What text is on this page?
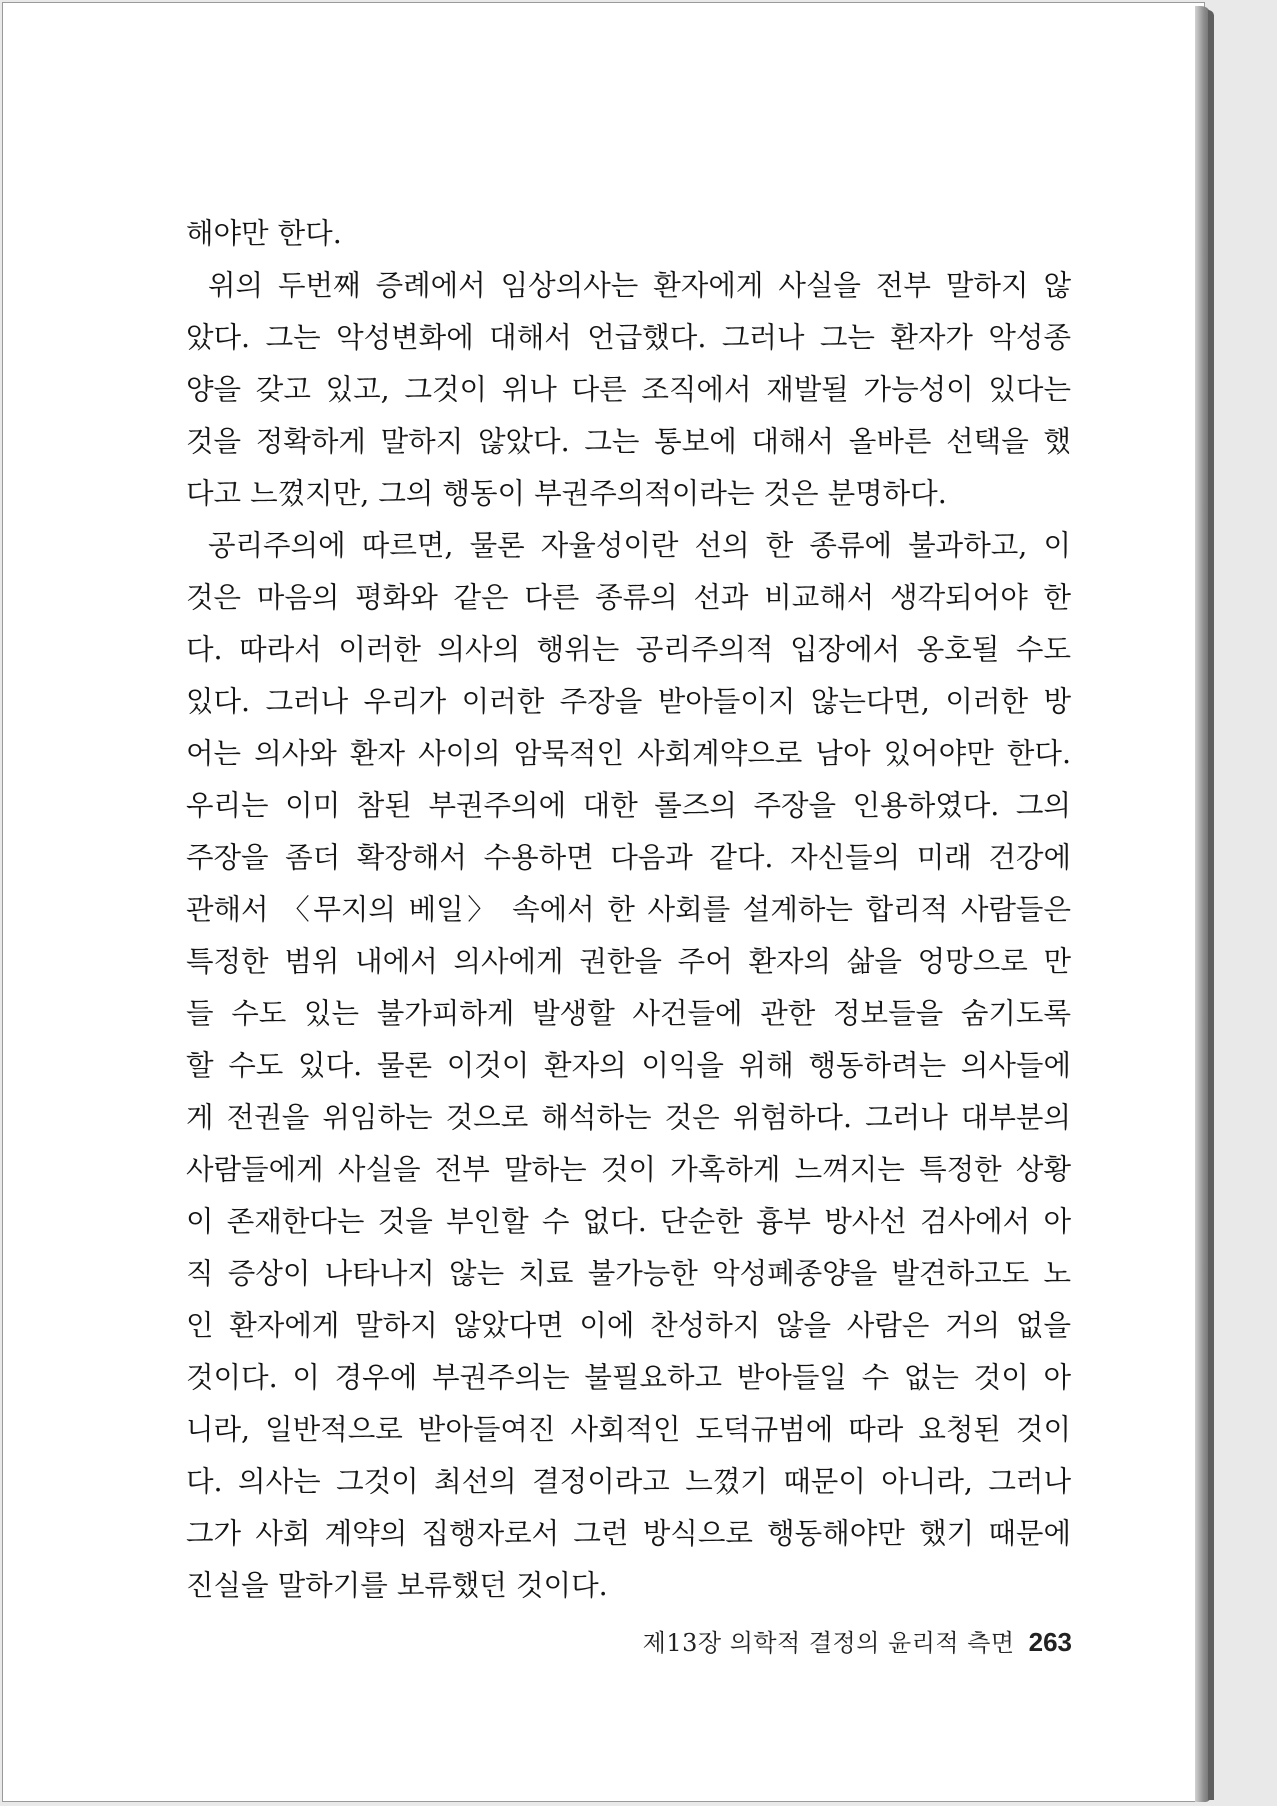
해야만 한다.
위의 두번째 증례에서 임상의사는 환자에게 사실을 전부 말하지 않
았다. 그는 악성변화에 대해서 언급했다. 그러나 그는 환자가 악성종
양을 갖고 있고, 그것이 위나 다른 조직에서 재발될 가능성이 있다는
것을 정확하게 말하지 않았다. 그는 통보에 대해서 올바른 선택을 했
다고 느꼈지만, 그의 행동이 부권주의적이라는 것은 분명하다.
공리주의에 따르면, 물론 자율성이란 선의 한 종류에 불과하고, 이
것은 마음의 평화와 같은 다른 종류의 선과 비교해서 생각되어야 한
다. 따라서 이러한 의사의 행위는 공리주의적 입장에서 옹호될 수도
있다. 그러나 우리가 이러한 주장을 받아들이지 않는다면, 이러한 방
어는 의사와 환자 사이의 암묵적인 사회계약으로 남아 있어야만 한다.
우리는 이미 참된 부권주의에 대한 롤즈의 주장을 인용하였다. 그의
주장을 좀더 확장해서 수용하면 다음과 같다. 자신들의 미래 건강에
관해서 〈무지의 베일〉 속에서 한 사회를 설계하는 합리적 사람들은
특정한 범위 내에서 의사에게 권한을 주어 환자의 삶을 엉망으로 만
들 수도 있는 불가피하게 발생할 사건들에 관한 정보들을 숨기도록
할 수도 있다. 물론 이것이 환자의 이익을 위해 행동하려는 의사들에
게 전권을 위임하는 것으로 해석하는 것은 위험하다. 그러나 대부분의
사람들에게 사실을 전부 말하는 것이 가혹하게 느껴지는 특정한 상황
이 존재한다는 것을 부인할 수 없다. 단순한 흉부 방사선 검사에서 아
직 증상이 나타나지 않는 치료 불가능한 악성폐종양을 발견하고도 노
인 환자에게 말하지 않았다면 이에 찬성하지 않을 사람은 거의 없을
것이다. 이 경우에 부권주의는 불필요하고 받아들일 수 없는 것이 아
니라, 일반적으로 받아들여진 사회적인 도덕규범에 따라 요청된 것이
다. 의사는 그것이 최선의 결정이라고 느꼈기 때문이 아니라, 그러나
그가 사회 계약의 집행자로서 그런 방식으로 행동해야만 했기 때문에
진실을 말하기를 보류했던 것이다.
제13장 의학적 결정의 윤리적 측면 263
